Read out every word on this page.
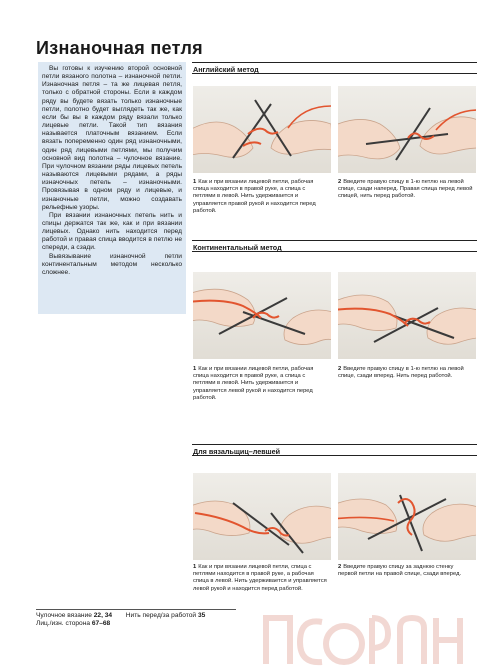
Изнаночная петля

Вы готовы к изучению второй основной петли вязаного полотна – изнаночной петли. Изнаночная петля – та же лицевая петля, только с обратной стороны. Если в каждом ряду вы будете вязать только изнаночные петли, полотно будет выглядеть так же, как если бы вы в каждом ряду вязали только лицевые петли. Такой тип вязания называется платочным вязанием. Если вязать попеременно один ряд изнаночными, один ряд лицевыми петлями, мы получим основной вид полотна – чулочное вязание. При чулочном вязании ряды лицевых петель называются лицевыми рядами, а ряды изначочных петель – изнаночными. Провязывая в одном ряду и лицевые, и изнаночные петли, можно создавать рельефные узоры.

При вязании изнаночных петель нить и спицы держатся так же, как и при вязании лицевых. Однако нить находится перед работой и правая спица вводится в петлю не спереди, а сзади.

Вывязывание изнаночной петли континентальным методом несколько сложнее.

Английский метод
1 Как и при вязании лицевой петли, рабочая спица находится в правой руке, а спица с петлями в левой. Нить удерживается и управляется правой рукой и находится перед работой.
2 Введите правую спицу в 1-ю петлю на левой спице, сзади наперед. Правая спица перед левой спицей, нить перед работой.
Континентальный метод
1 Как и при вязании лицевой петли, рабочая спица находится в правой руке, а спица с петлями в левой. Нить удерживается и управляется левой рукой и находится перед работой.
2 Введите правую спицу в 1-ю петлю на левой спице, сзади вперед. Нить перед работой.
Для вязальщиц–левшей
1 Как и при вязании лицевой петли, спица с петлями находится в правой руке, а рабочая спица в левой. Нить удерживается и управляется левой рукой и находится перед работой.
2 Введите правую спицу за заднюю стенку первой петли на правой спице, сзади вперед.
Чулочное вязание 22, 34 Нить перед/за работой 35
Лиц./изн. сторона 67–68
